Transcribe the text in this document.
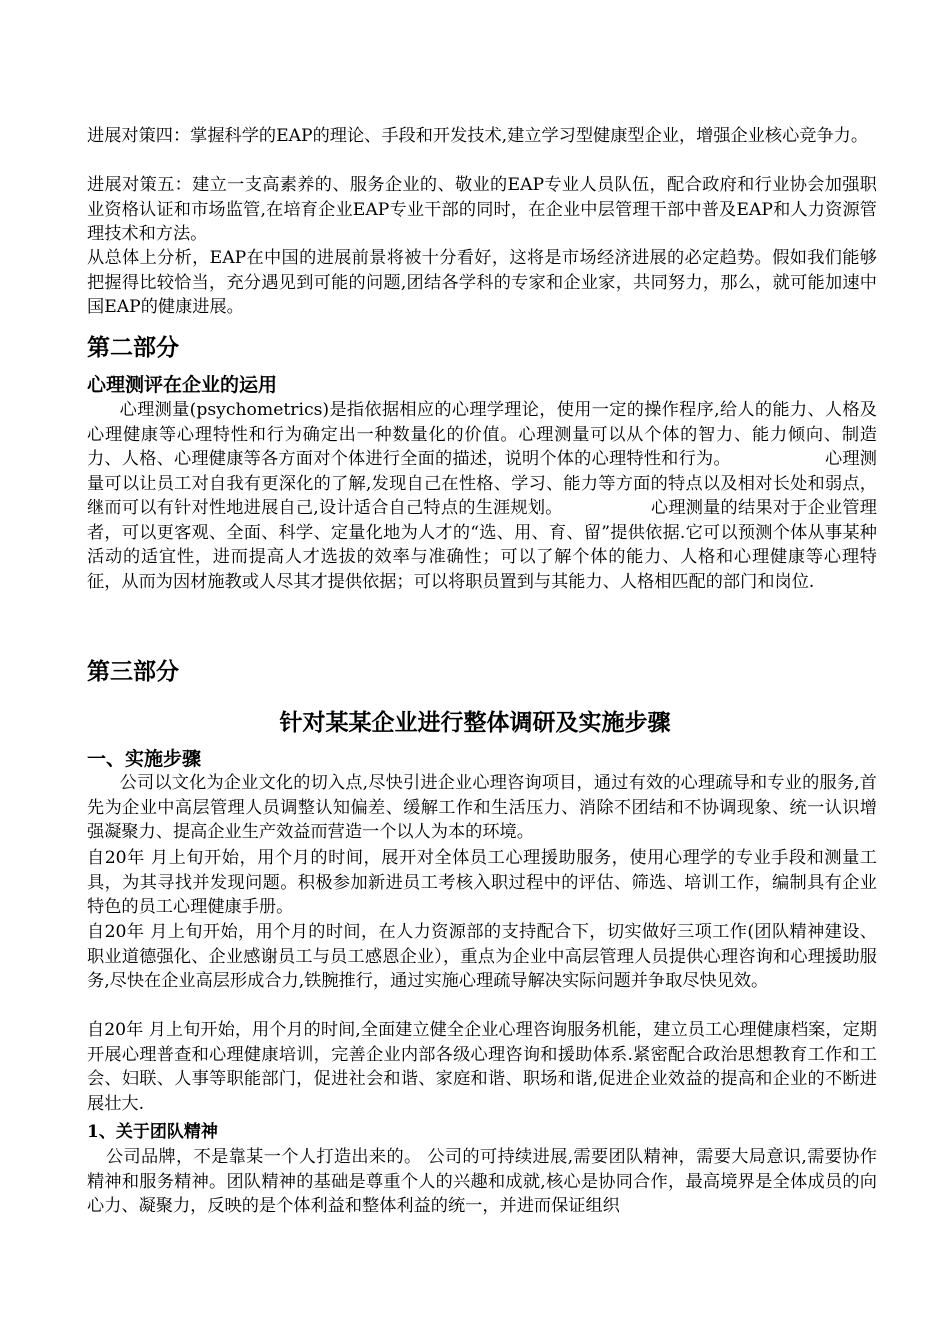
进展对策四：掌握科学的EAP的理论、手段和开发技术,建立学习型健康型企业，增强企业核心竞争力。

进展对策五：建立一支高素养的、服务企业的、敬业的EAP专业人员队伍，配合政府和行业协会加强职业资格认证和市场监管,在培育企业EAP专业干部的同时，在企业中层管理干部中普及EAP和人力资源管理技术和方法。

从总体上分析，EAP在中国的进展前景将被十分看好，这将是市场经济进展的必定趋势。假如我们能够把握得比较恰当，充分遇见到可能的问题,团结各学科的专家和企业家，共同努力，那么，就可能加速中国EAP的健康进展。

第二部分
心理测评在企业的运用

心理测量(psychometrics)是指依据相应的心理学理论，使用一定的操作程序,给人的能力、人格及心理健康等心理特性和行为确定出一种数量化的价值。心理测量可以从个体的智力、能力倾向、制造力、人格、心理健康等各方面对个体进行全面的描述，说明个体的心理特性和行为。	心理测量可以让员工对自我有更深化的了解,发现自己在性格、学习、能力等方面的特点以及相对长处和弱点，继而可以有针对性地进展自己,设计适合自己特点的生涯规划。	心理测量的结果对于企业管理者，可以更客观、全面、科学、定量化地为人才的“选、用、育、留”提供依据.它可以预测个体从事某种活动的适宜性，进而提高人才选拔的效率与准确性；可以了解个体的能力、人格和心理健康等心理特征，从而为因材施教或人尽其才提供依据；可以将职员置到与其能力、人格相匹配的部门和岗位.

第三部分
针对某某企业进行整体调研及实施步骤
一、实施步骤

公司以文化为企业文化的切入点,尽快引进企业心理咨询项目，通过有效的心理疏导和专业的服务,首先为企业中高层管理人员调整认知偏差、缓解工作和生活压力、消除不团结和不协调现象、统一认识增强凝聚力、提高企业生产效益而营造一个以人为本的环境。

自20年 月上旬开始，用个月的时间，展开对全体员工心理援助服务，使用心理学的专业手段和测量工具，为其寻找并发现问题。积极参加新进员工考核入职过程中的评估、筛选、培训工作，编制具有企业特色的员工心理健康手册。

自20年 月上旬开始，用个月的时间，在人力资源部的支持配合下，切实做好三项工作(团队精神建设、职业道德强化、企业感谢员工与员工感恩企业），重点为企业中高层管理人员提供心理咨询和心理援助服务,尽快在企业高层形成合力,铁腕推行，通过实施心理疏导解决实际问题并争取尽快见效。

自20年 月上旬开始，用个月的时间,全面建立健全企业心理咨询服务机能，建立员工心理健康档案，定期开展心理普查和心理健康培训，完善企业内部各级心理咨询和援助体系.紧密配合政治思想教育工作和工会、妇联、人事等职能部门，促进社会和谐、家庭和谐、职场和谐,促进企业效益的提高和企业的不断进展壮大.

1、关于团队精神

公司品牌，不是靠某一个人打造出来的。 公司的可持续进展,需要团队精神，需要大局意识,需要协作精神和服务精神。团队精神的基础是尊重个人的兴趣和成就,核心是协同合作，最高境界是全体成员的向心力、凝聚力，反映的是个体利益和整体利益的统一，并进而保证组织
